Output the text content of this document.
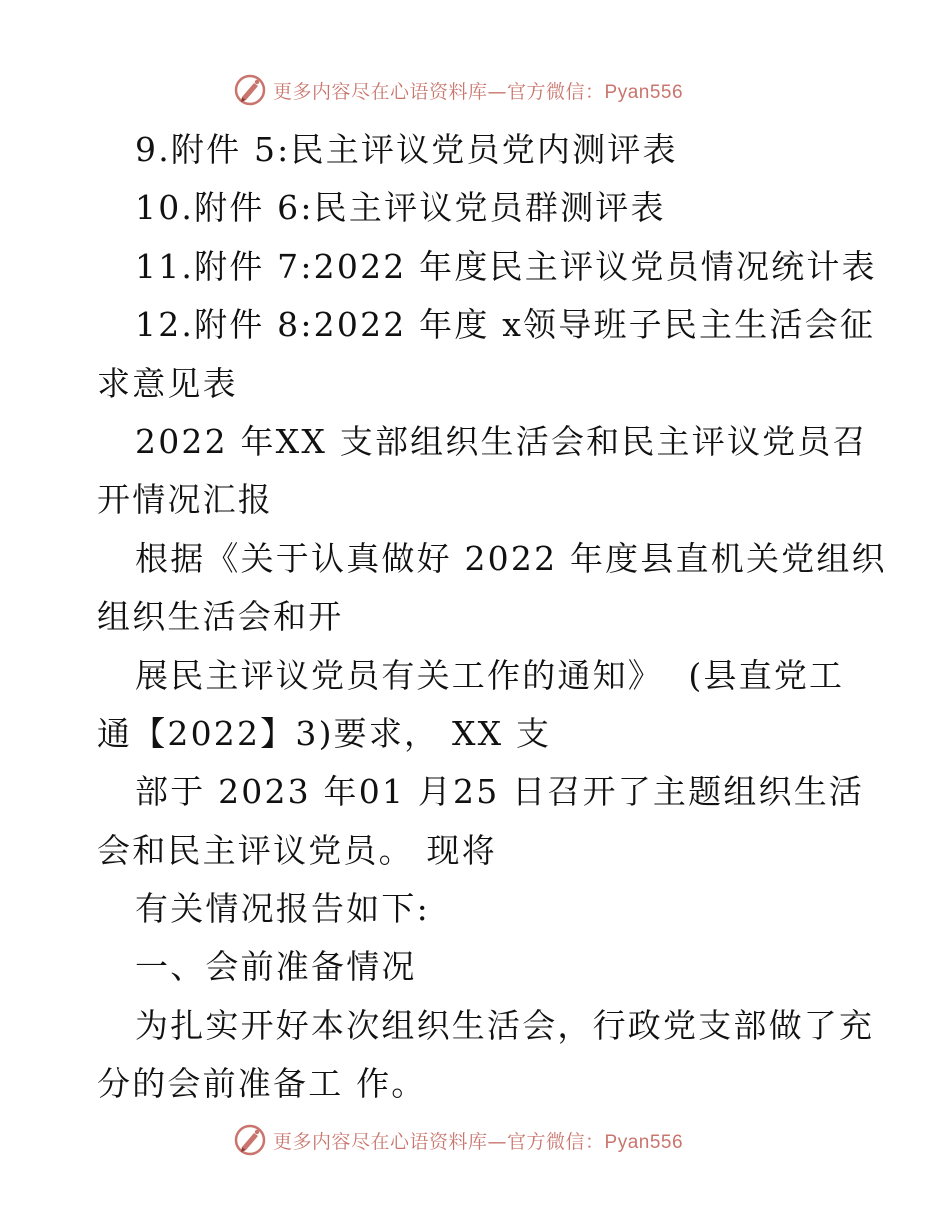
更多内容尽在心语资料库—官方微信：Pyan556
9.附件 5:民主评议党员党内测评表
10.附件 6:民主评议党员群测评表
11.附件 7:2022 年度民主评议党员情况统计表
12.附件 8:2022 年度 x领导班子民主生活会征
求意见表
2022 年XX 支部组织生活会和民主评议党员召
开情况汇报
根据《关于认真做好 2022 年度县直机关党组织
组织生活会和开
展民主评议党员有关工作的通知》  (县直党工
通【2022】3)要求， XX 支
部于 2023 年01 月25 日召开了主题组织生活
会和民主评议党员。 现将
有关情况报告如下:
一、会前准备情况
为扎实开好本次组织生活会，行政党支部做了充
分的会前准备工 作。
更多内容尽在心语资料库—官方微信：Pyan556
